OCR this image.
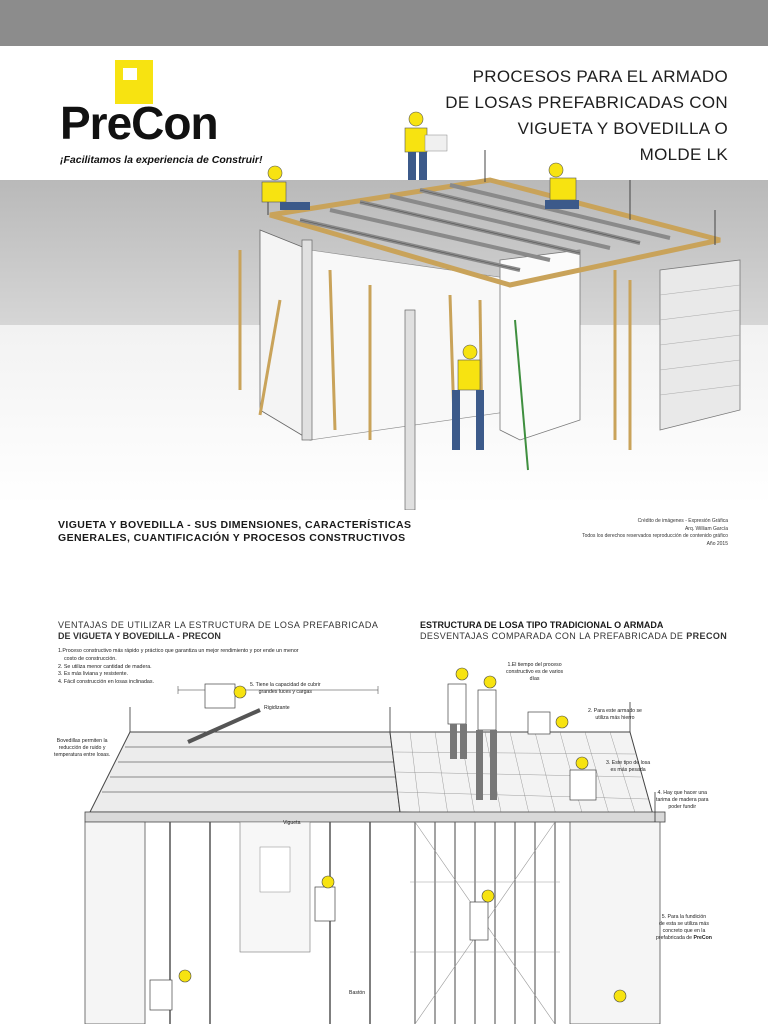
PreCon
¡Facilitamos la experiencia de Construir!
PROCESOS PARA EL ARMADO
DE LOSAS PREFABRICADAS CON
VIGUETA Y BOVEDILLA O
MOLDE LK
VIGUETA Y BOVEDILLA - SUS DIMENSIONES, CARACTERÍSTICAS
GENERALES, CUANTIFICACIÓN Y PROCESOS CONSTRUCTIVOS
Crédito de imágenes - Expresión Gráfica
Arq. William García
Todos los derechos reservados reproducción de contenido gráfico
Año 2015
VENTAJAS DE UTILIZAR LA ESTRUCTURA DE LOSA PREFABRICADA
DE VIGUETA Y BOVEDILLA - PRECON
1.Proceso constructivo más rápido y práctico que garantiza un mejor rendimiento y por ende un menor
costo de construcción.
2. Se utiliza menor cantidad de madera.
3. Es más liviana y resistente.
4. Fácil construcción en losas inclinadas.
ESTRUCTURA DE LOSA TIPO TRADICIONAL O ARMADA
DESVENTAJAS COMPARADA CON LA PREFABRICADA DE PRECON
5. Tiene la capacidad de cubrir
grandes luces y cargas
Rigidizante
Bovedillas permiten la
reducción de ruido y
temperatura entre losas.
Vigueta
Bastón
1.El tiempo del proceso
constructivo es de varios
días
2. Para este armado se
utiliza más hierro
3. Este tipo de losa
es más pesada
4. Hay que hacer una
tarima de madera para
poder fundir
5. Para la fundición
de esta se utiliza más
concreto que en la
prefabricada de PreCon
